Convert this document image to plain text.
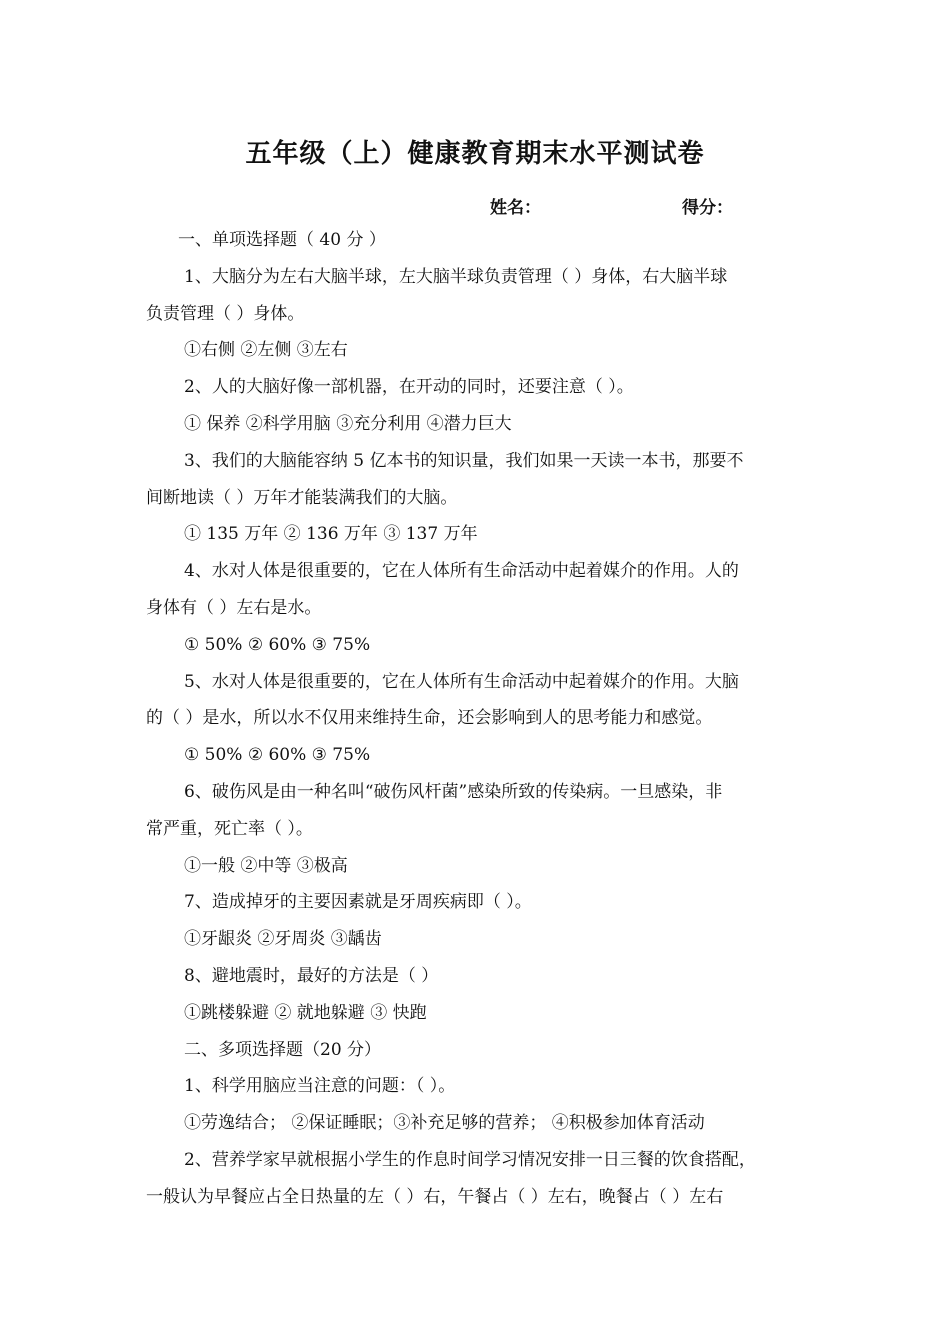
五年级（上）健康教育期末水平测试卷
姓名：	得分：
一、单项选择题（ 40 分 ）
1、大脑分为左右大脑半球，左大脑半球负责管理（ ）身体，右大脑半球
负责管理（ ）身体。
①右侧 ②左侧 ③左右
2、人的大脑好像一部机器，在开动的同时，还要注意（ ）。
① 保养 ②科学用脑 ③充分利用 ④潜力巨大
3、我们的大脑能容纳 5 亿本书的知识量，我们如果一天读一本书，那要不
间断地读（ ）万年才能装满我们的大脑。
① 135 万年 ② 136 万年 ③ 137 万年
4、水对人体是很重要的，它在人体所有生命活动中起着媒介的作用。人的
身体有（ ）左右是水。
① 50% ② 60% ③ 75%
5、水对人体是很重要的，它在人体所有生命活动中起着媒介的作用。大脑
的（ ）是水，所以水不仅用来维持生命，还会影响到人的思考能力和感觉。
① 50% ② 60% ③ 75%
6、破伤风是由一种名叫“破伤风杆菌”感染所致的传染病。一旦感染，非
常严重，死亡率（ ）。
①一般 ②中等 ③极高
7、造成掉牙的主要因素就是牙周疾病即（ ）。
①牙龈炎 ②牙周炎 ③龋齿
8、避地震时，最好的方法是（ ）
①跳楼躲避 ② 就地躲避 ③ 快跑
二、多项选择题（20 分）
1、科学用脑应当注意的问题：（ ）。
①劳逸结合； ②保证睡眠；③补充足够的营养； ④积极参加体育活动
2、营养学家早就根据小学生的作息时间学习情况安排一日三餐的饮食搭配，
一般认为早餐应占全日热量的左（ ）右，午餐占（ ）左右，晚餐占（ ）左右
